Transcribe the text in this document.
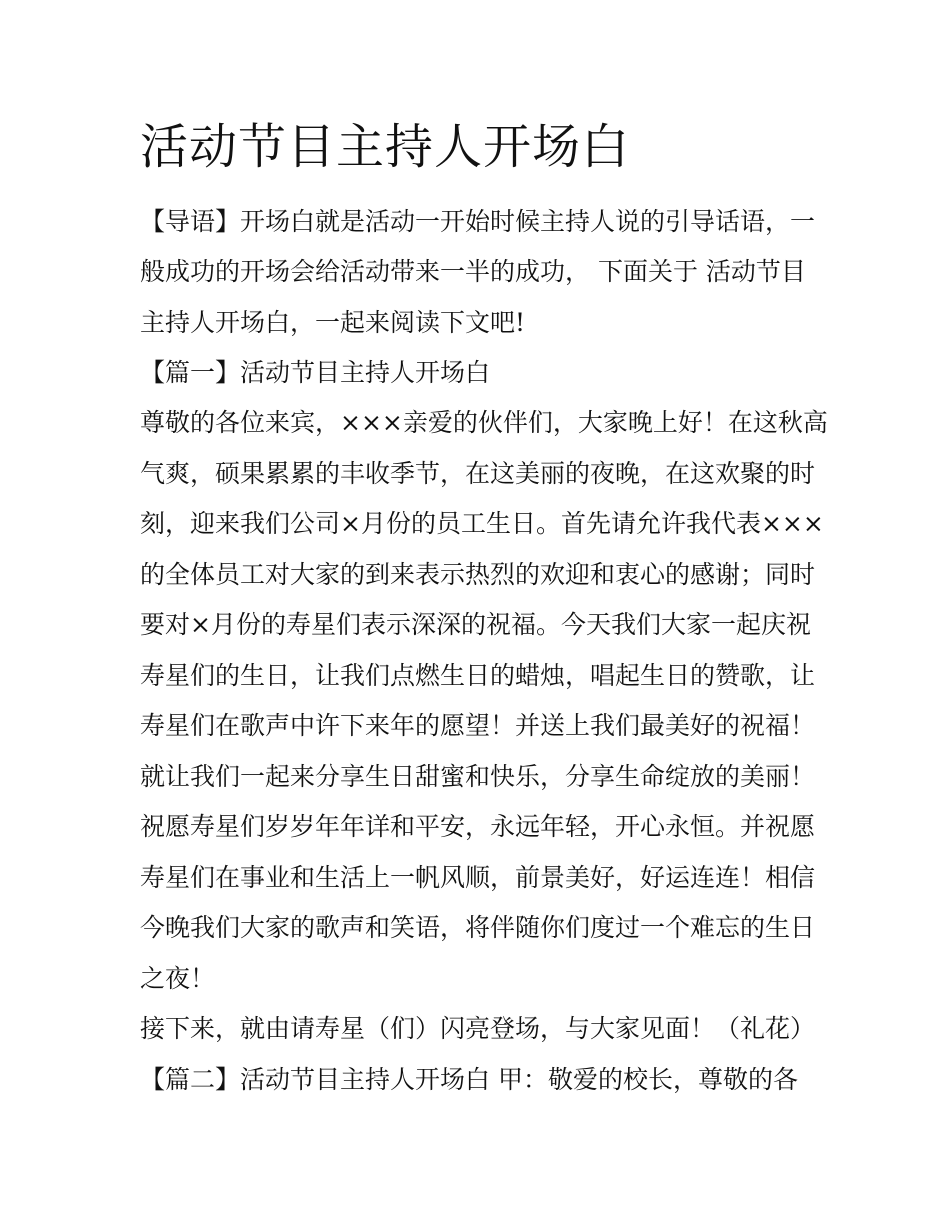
活动节目主持人开场白
【导语】开场白就是活动一开始时候主持人说的引导话语，一
般成功的开场会给活动带来一半的成功， 下面关于 活动节目
主持人开场白，一起来阅读下文吧!
【篇一】活动节目主持人开场白
尊敬的各位来宾，×××亲爱的伙伴们，大家晚上好！在这秋高
气爽，硕果累累的丰收季节，在这美丽的夜晚，在这欢聚的时
刻，迎来我们公司×月份的员工生日。首先请允许我代表×××
的全体员工对大家的到来表示热烈的欢迎和衷心的感谢；同时
要对×月份的寿星们表示深深的祝福。今天我们大家一起庆祝
寿星们的生日，让我们点燃生日的蜡烛，唱起生日的赞歌，让
寿星们在歌声中许下来年的愿望！并送上我们最美好的祝福！
就让我们一起来分享生日甜蜜和快乐，分享生命绽放的美丽！
祝愿寿星们岁岁年年详和平安，永远年轻，开心永恒。并祝愿
寿星们在事业和生活上一帆风顺，前景美好，好运连连！相信
今晚我们大家的歌声和笑语，将伴随你们度过一个难忘的生日
之夜！
接下来，就由请寿星（们）闪亮登场，与大家见面！（礼花）
【篇二】活动节目主持人开场白 甲：敬爱的校长，尊敬的各
